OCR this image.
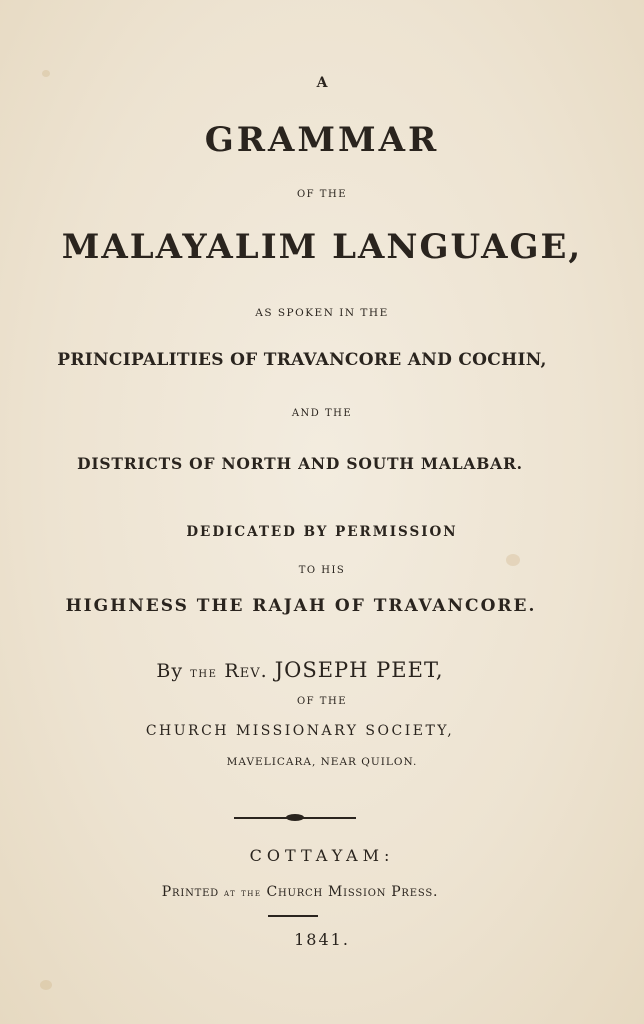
A
GRAMMAR
OF THE
MALAYALIM LANGUAGE,
AS SPOKEN IN THE
PRINCIPALITIES OF TRAVANCORE AND COCHIN,
AND THE
DISTRICTS OF NORTH AND SOUTH MALABAR.
DEDICATED BY PERMISSION
TO HIS
HIGHNESS THE RAJAH OF TRAVANCORE.
By the Rev. JOSEPH PEET,
OF THE
CHURCH MISSIONARY SOCIETY,
MAVELICARA, NEAR QUILON.
COTTAYAM:
Printed at the Church Mission Press.
1841.
